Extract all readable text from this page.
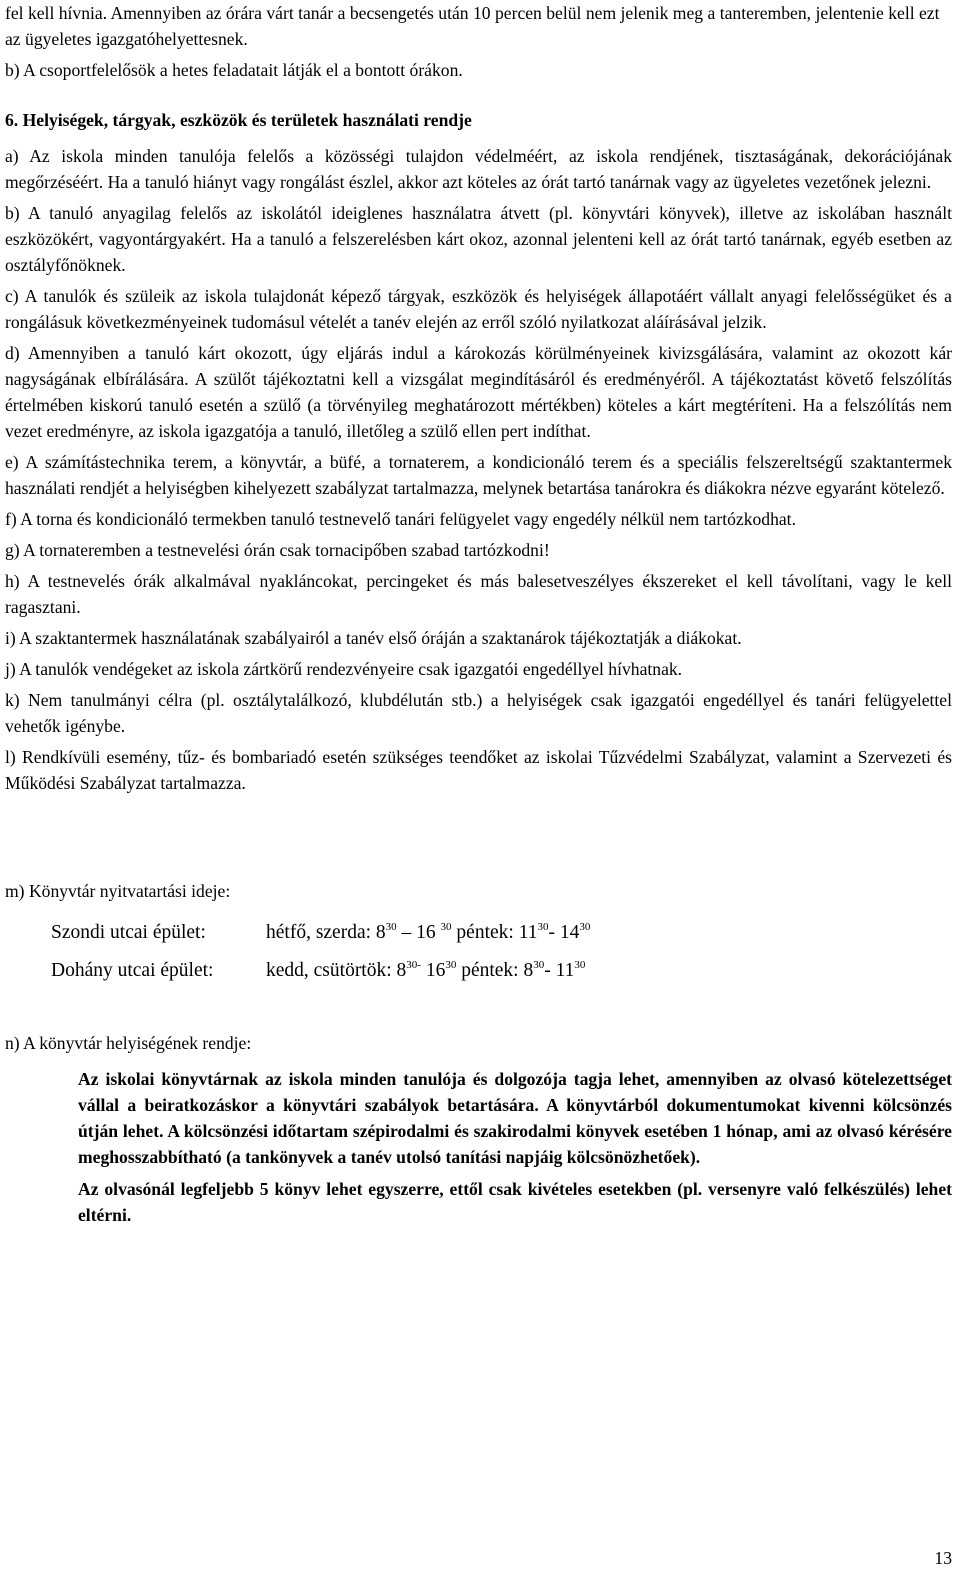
fel kell hívnia. Amennyiben az órára várt tanár a becsengetés után 10 percen belül nem jelenik meg a tanteremben, jelentenie kell ezt az ügyeletes igazgatóhelyettesnek.

b) A csoportfelelősök a hetes feladatait látják el a bontott órákon.

6. Helyiségek, tárgyak, eszközök és területek használati rendje

a) Az iskola minden tanulója felelős a közösségi tulajdon védelméért, az iskola rendjének, tisztaságának, dekorációjának megőrzéséért. Ha a tanuló hiányt vagy rongálást észlel, akkor azt köteles az órát tartó tanárnak vagy az ügyeletes vezetőnek jelezni.

b) A tanuló anyagilag felelős az iskolától ideiglenes használatra átvett (pl. könyvtári könyvek), illetve az iskolában használt eszközökért, vagyontárgyakért. Ha a tanuló a felszerelésben kárt okoz, azonnal jelenteni kell az órát tartó tanárnak, egyéb esetben az osztályfőnöknek.

c) A tanulók és szüleik az iskola tulajdonát képező tárgyak, eszközök és helyiségek állapotáért vállalt anyagi felelősségüket és a rongálásuk következményeinek tudomásul vételét a tanév elején az erről szóló nyilatkozat aláírásával jelzik.

d) Amennyiben a tanuló kárt okozott, úgy eljárás indul a károkozás körülményeinek kivizsgálására, valamint az okozott kár nagyságának elbírálására. A szülőt tájékoztatni kell a vizsgálat megindításáról és eredményéről. A tájékoztatást követő felszólítás értelmében kiskorú tanuló esetén a szülő (a törvényileg meghatározott mértékben) köteles a kárt megtéríteni. Ha a felszólítás nem vezet eredményre, az iskola igazgatója a tanuló, illetőleg a szülő ellen pert indíthat.

e) A számítástechnika terem, a könyvtár, a büfé, a tornaterem, a kondicionáló terem és a speciális felszereltségű szaktantermek használati rendjét a helyiségben kihelyezett szabályzat tartalmazza, melynek betartása tanárokra és diákokra nézve egyaránt kötelező.

f) A torna és kondicionáló termekben tanuló testnevelő tanári felügyelet vagy engedély nélkül nem tartózkodhat.

g) A tornateremben a testnevelési órán csak tornacipőben szabad tartózkodni!

h) A testnevelés órák alkalmával nyakláncokat, percingeket és más balesetveszélyes ékszereket el kell távolítani, vagy le kell ragasztani.

i) A szaktantermek használatának szabályairól a tanév első óráján a szaktanárok tájékoztatják a diákokat.

j) A tanulók vendégeket az iskola zártkörű rendezvényeire csak igazgatói engedéllyel hívhatnak.

k) Nem tanulmányi célra (pl. osztálytalálkozó, klubdélután stb.) a helyiségek csak igazgatói engedéllyel és tanári felügyelettel vehetők igénybe.

l) Rendkívüli esemény, tűz- és bombariadó esetén szükséges teendőket az iskolai Tűzvédelmi Szabályzat, valamint a Szervezeti és Működési Szabályzat tartalmazza.

m) Könyvtár nyitvatartási ideje:

Szondi utcai épület:	hétfő, szerda: $8^{30} - 16$ $^{30}$ péntek: $11^{30}-$ $14^{30}$
Dohány utcai épület:	kedd, csütörtök: $8^{30-}$ $16^{30}$ péntek: $8^{30}-$ $11^{30}$

n) A könyvtár helyiségének rendje:

Az iskolai könyvtárnak az iskola minden tanulója és dolgozója tagja lehet, amennyiben az olvasó kötelezettséget vállal a beiratkozáskor a könyvtári szabályok betartására. A könyvtárból dokumentumokat kivenni kölcsönzés útján lehet. A kölcsönzési időtartam szépirodalmi és szakirodalmi könyvek esetében 1 hónap, ami az olvasó kérésére meghosszabbítható (a tankönyvek a tanév utolsó tanítási napjáig kölcsönözhetőek).

Az olvasónál legfeljebb 5 könyv lehet egyszerre, ettől csak kivételes esetekben (pl. versenyre való felkészülés) lehet eltérni.

13
